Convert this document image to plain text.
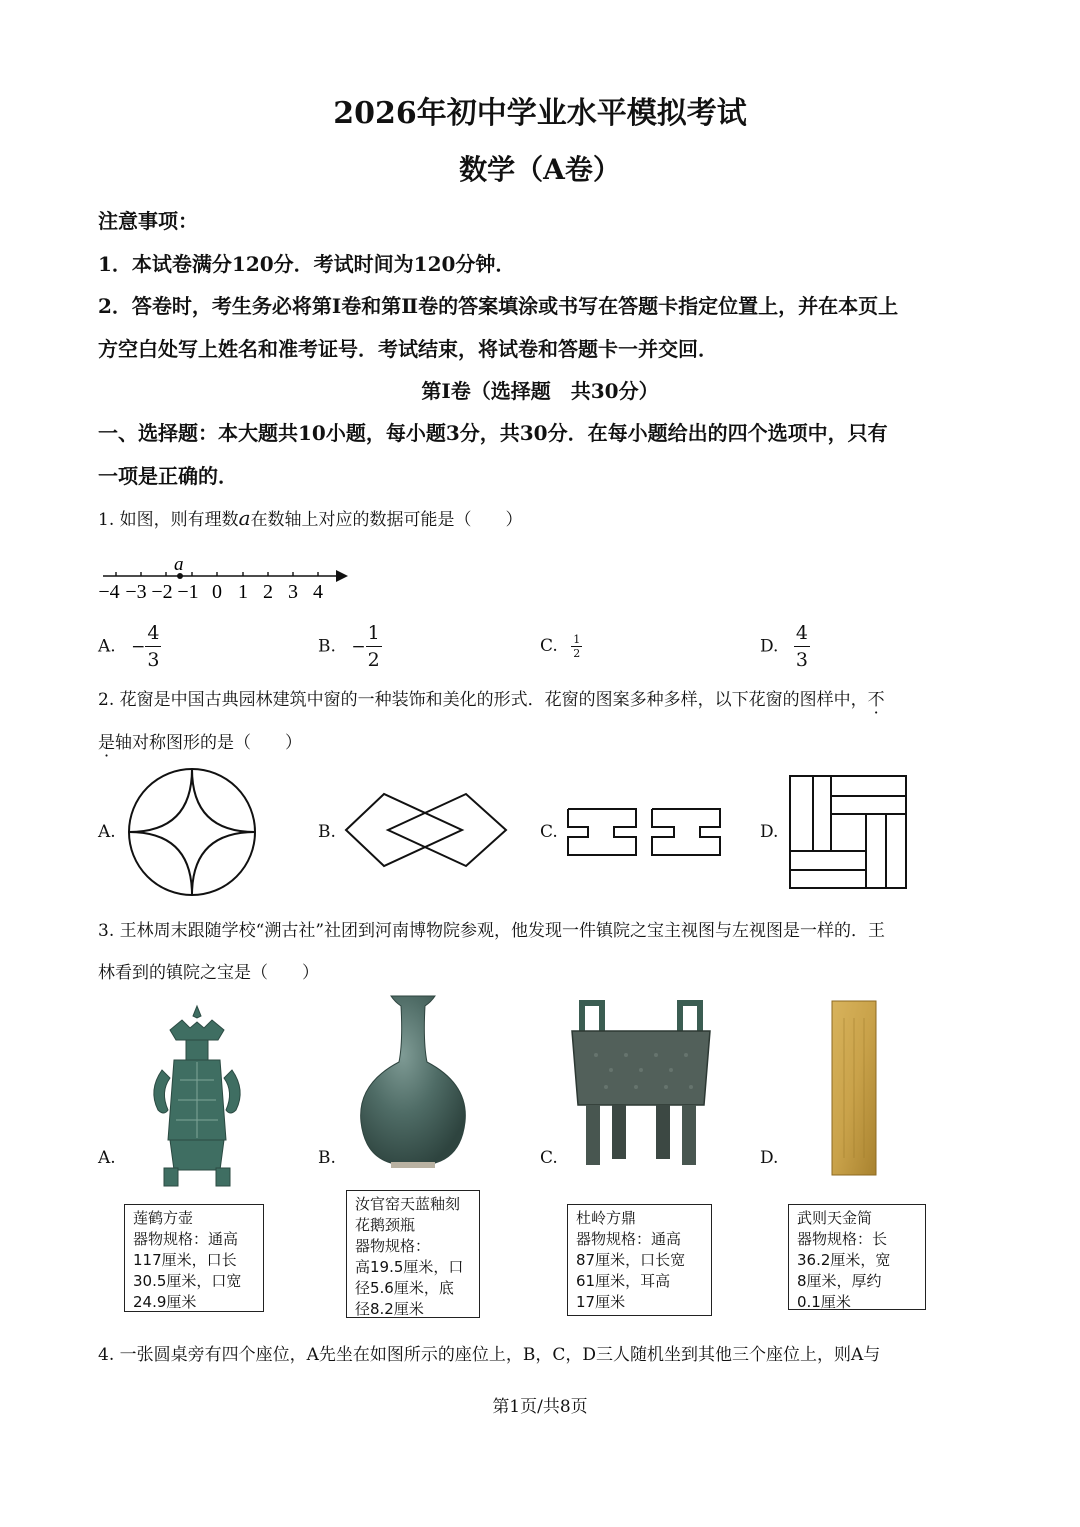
2026年初中学业水平模拟考试
数学（A卷）
注意事项：
1．本试卷满分120分．考试时间为120分钟．
2．答卷时，考生务必将第Ⅰ卷和第Ⅱ卷的答案填涂或书写在答题卡指定位置上，并在本页上
方空白处写上姓名和准考证号．考试结束，将试卷和答题卡一并交回．
第Ⅰ卷（选择题　共30分）
一、选择题：本大题共10小题，每小题3分，共30分．在每小题给出的四个选项中，只有
一项是正确的．
1. 如图，则有理数a在数轴上对应的数据可能是（　　）
a
−4 −3 −2 −1 0 1 2 3 4
A. − $\frac{4}{3}$	B. − $\frac{1}{2}$	C. $\frac{1}{2}$	D. $\frac{4}{3}$
2. 花窗是中国古典园林建筑中窗的一种装饰和美化的形式．花窗的图案多种多样，以下花窗的图样中，不
是轴对称图形的是（　　）
A.	B.	C.	D.
3. 王林周末跟随学校“溯古社”社团到河南博物院参观，他发现一件镇院之宝主视图与左视图是一样的．王
林看到的镇院之宝是（　　）
A.
莲鹤方壶
器物规格：通高
117厘米，口长
30.5厘米，口宽
24.9厘米
B.
汝官窑天蓝釉刻
花鹅颈瓶
器物规格：
高19.5厘米，口
径5.6厘米，底
径8.2厘米
C.
杜岭方鼎
器物规格：通高
87厘米，口长宽
61厘米，耳高
17厘米
D.
武则天金简
器物规格：长
36.2厘米，宽
8厘米，厚约
0.1厘米
4. 一张圆桌旁有四个座位，A先坐在如图所示的座位上，B，C，D三人随机坐到其他三个座位上，则A与
第1页/共8页
